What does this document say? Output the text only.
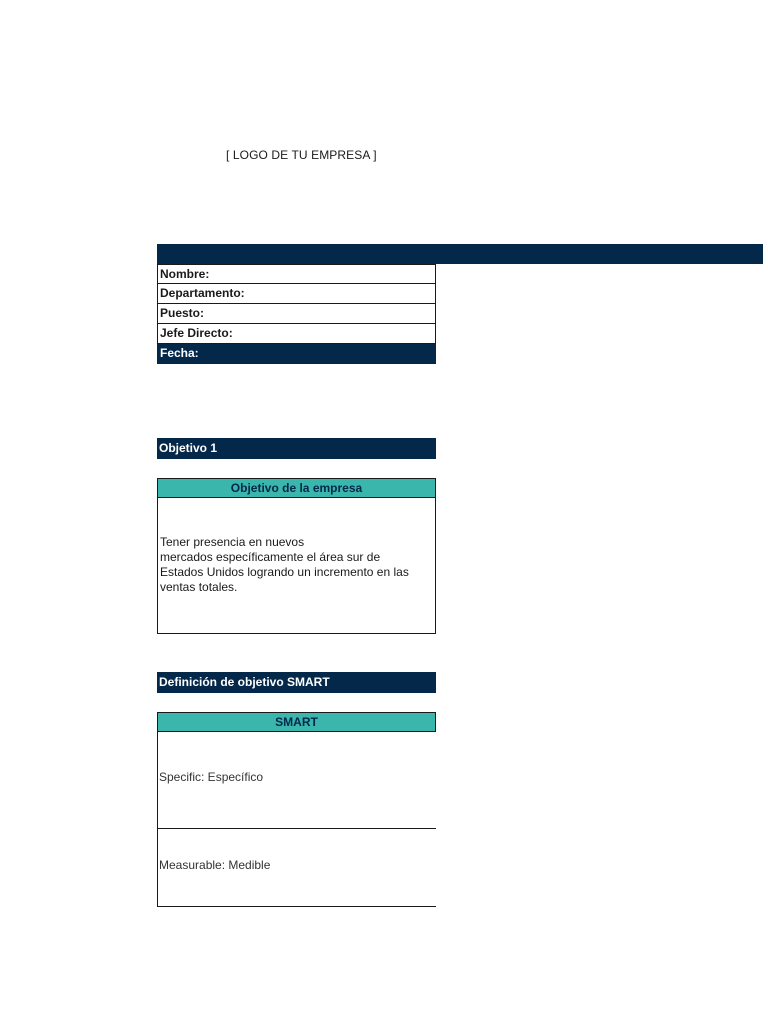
[ LOGO DE TU EMPRESA ]
Nombre:
Departamento:
Puesto:
Jefe Directo:
Fecha:
Objetivo 1
Objetivo de la empresa
Tener presencia en nuevos
mercados específicamente el área sur de
Estados Unidos logrando un incremento en las
ventas totales.
Definición de objetivo SMART
SMART
Specific: Específico
Measurable: Medible
